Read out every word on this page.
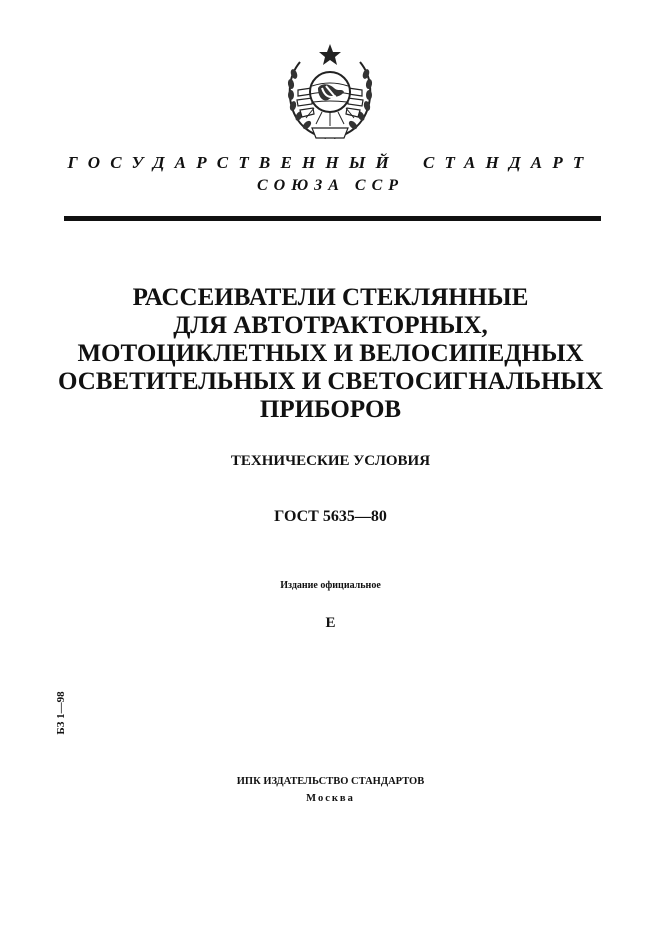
ГОСУДАРСТВЕННЫЙ СТАНДАРТ
СОЮЗА ССР
РАССЕИВАТЕЛИ СТЕКЛЯННЫЕ
ДЛЯ АВТОТРАКТОРНЫХ,
МОТОЦИКЛЕТНЫХ И ВЕЛОСИПЕДНЫХ
ОСВЕТИТЕЛЬНЫХ И СВЕТОСИГНАЛЬНЫХ
ПРИБОРОВ
ТЕХНИЧЕСКИЕ УСЛОВИЯ
ГОСТ 5635—80
Издание официальное
Е
БЗ 1—98
ИПК ИЗДАТЕЛЬСТВО СТАНДАРТОВ
Москва
